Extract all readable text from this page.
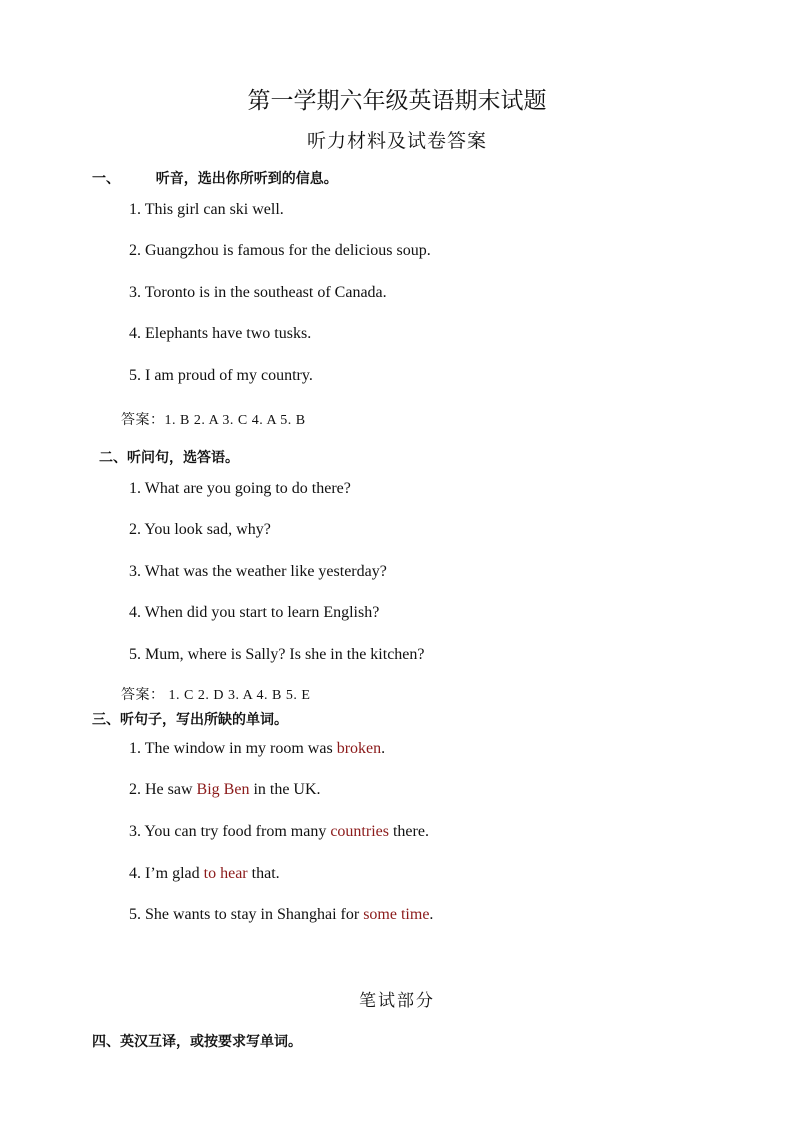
第一学期六年级英语期末试题
听力材料及试卷答案
一、	听音，选出你所听到的信息。
1. This girl can ski well.
2. Guangzhou is famous for the delicious soup.
3. Toronto is in the southeast of Canada.
4. Elephants have two tusks.
5. I am proud of my country.
答案：1. B 2. A 3. C 4. A 5. B
二、听问句，选答语。
1. What are you going to do there?
2. You look sad, why?
3. What was the weather like yesterday?
4. When did you start to learn English?
5. Mum, where is Sally? Is she in the kitchen?
答案： 1. C 2. D 3. A 4. B 5. E
三、听句子，写出所缺的单词。
1. The window in my room was broken.
2. He saw Big Ben in the UK.
3. You can try food from many countries there.
4. I’m glad to hear that.
5. She wants to stay in Shanghai for some time.
笔试部分
四、英汉互译，或按要求写单词。
